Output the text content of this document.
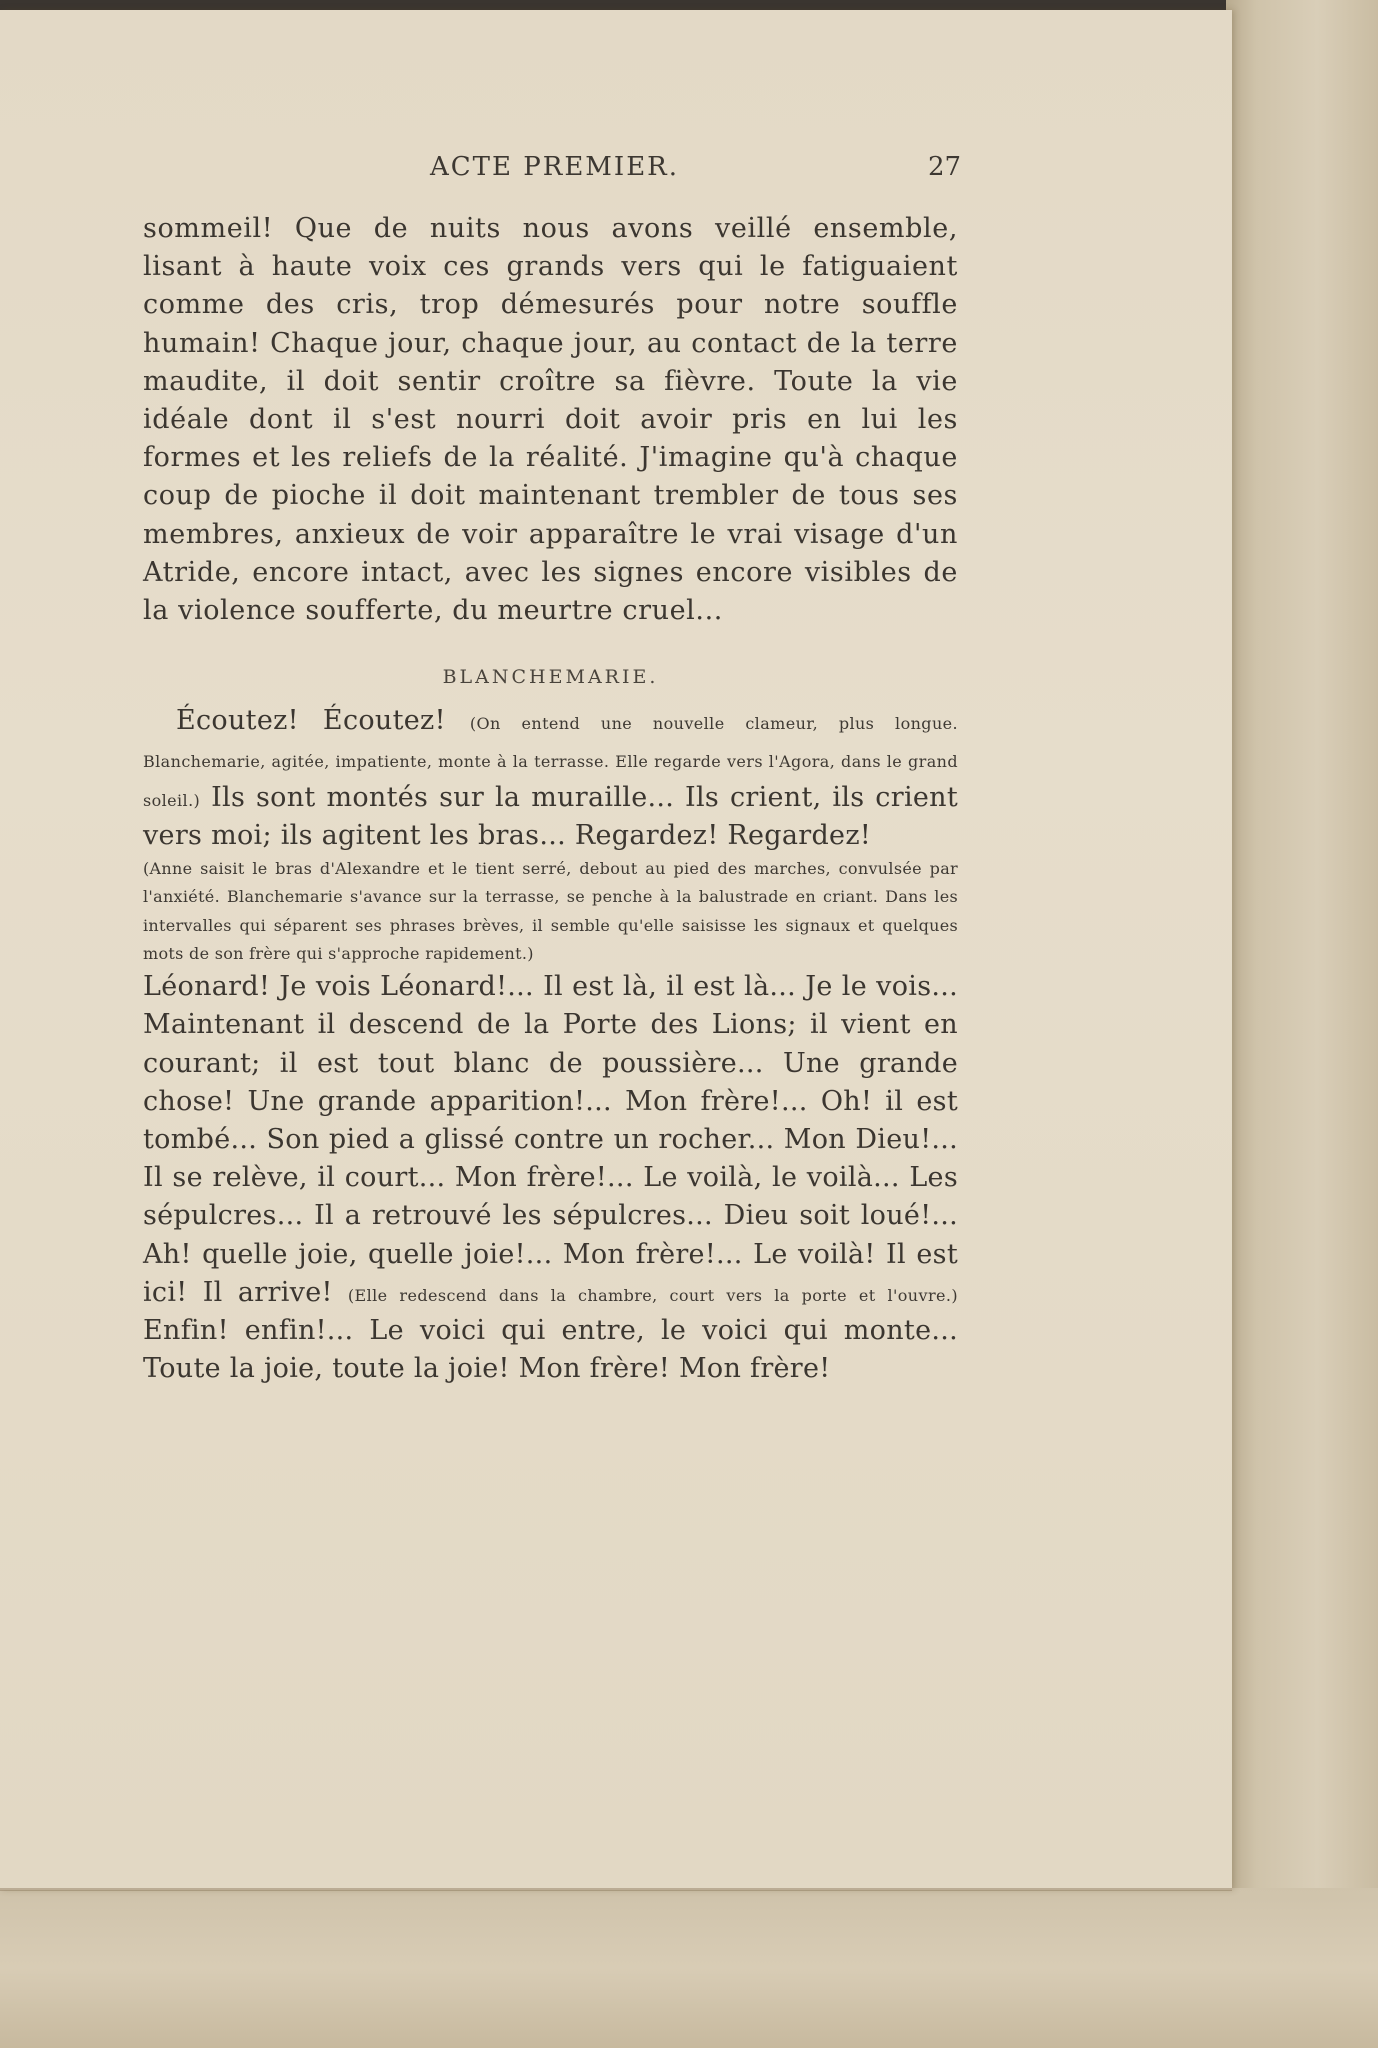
ACTE PREMIER.	27

sommeil! Que de nuits nous avons veillé ensemble, lisant à haute voix ces grands vers qui le fatiguaient comme des cris, trop démesurés pour notre souffle humain! Chaque jour, chaque jour, au contact de la terre maudite, il doit sentir croître sa fièvre. Toute la vie idéale dont il s'est nourri doit avoir pris en lui les formes et les reliefs de la réalité. J'imagine qu'à chaque coup de pioche il doit maintenant trembler de tous ses membres, anxieux de voir apparaître le vrai visage d'un Atride, encore intact, avec les signes encore visibles de la violence soufferte, du meurtre cruel...

BLANCHEMARIE.

Écoutez! Écoutez! (On entend une nouvelle clameur, plus longue. Blanchemarie, agitée, impatiente, monte à la terrasse. Elle regarde vers l'Agora, dans le grand soleil.) Ils sont montés sur la muraille... Ils crient, ils crient vers moi; ils agitent les bras... Regardez! Regardez!
(Anne saisit le bras d'Alexandre et le tient serré, debout au pied des marches, convulsée par l'anxiété. Blanchemarie s'avance sur la terrasse, se penche à la balustrade en criant. Dans les intervalles qui séparent ses phrases brèves, il semble qu'elle saisisse les signaux et quelques mots de son frère qui s'approche rapidement.)
Léonard! Je vois Léonard!... Il est là, il est là... Je le vois... Maintenant il descend de la Porte des Lions; il vient en courant; il est tout blanc de poussière... Une grande chose! Une grande apparition!... Mon frère!... Oh! il est tombé... Son pied a glissé contre un rocher... Mon Dieu!... Il se relève, il court... Mon frère!... Le voilà, le voilà... Les sépulcres... Il a retrouvé les sépulcres... Dieu soit loué!... Ah! quelle joie, quelle joie!... Mon frère!... Le voilà! Il est ici! Il arrive! (Elle redescend dans la chambre, court vers la porte et l'ouvre.) Enfin! enfin!... Le voici qui entre, le voici qui monte... Toute la joie, toute la joie! Mon frère! Mon frère!
